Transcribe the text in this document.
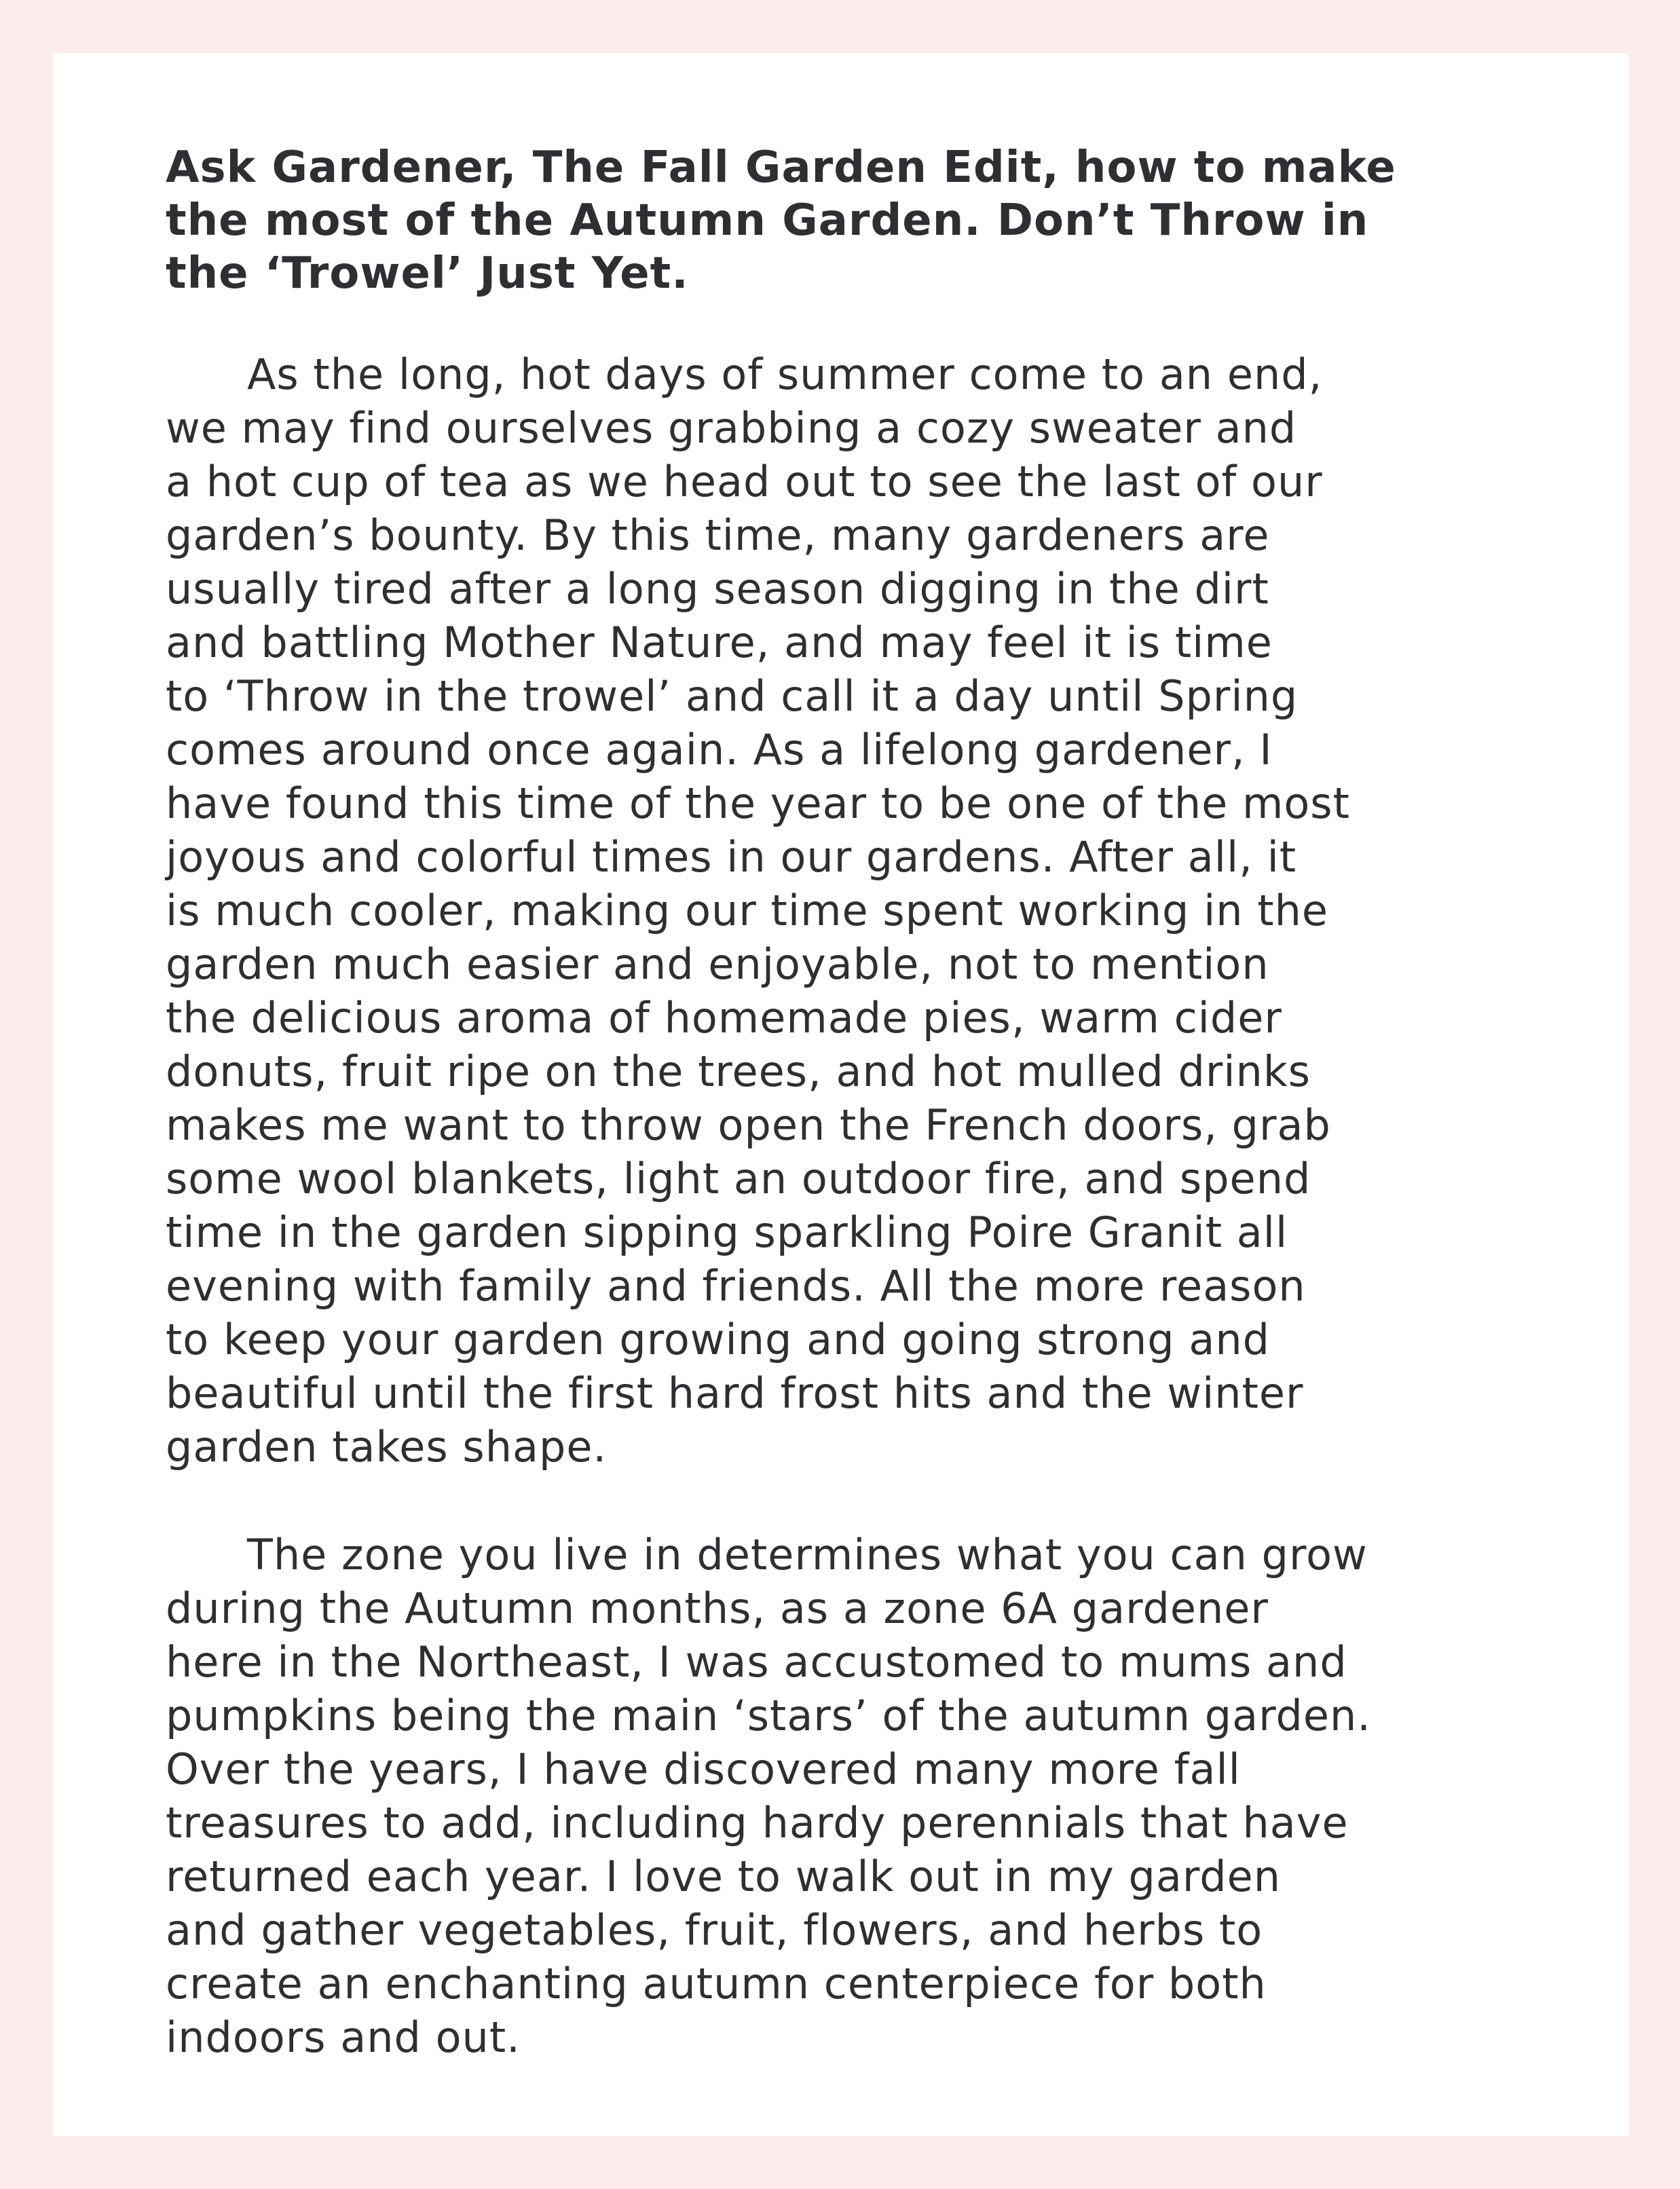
Ask Gardener, The Fall Garden Edit, how to make
the most of the Autumn Garden. Don’t Throw in
the ‘Trowel’ Just Yet.

As the long, hot days of summer come to an end,
we may find ourselves grabbing a cozy sweater and
a hot cup of tea as we head out to see the last of our
garden’s bounty. By this time, many gardeners are
usually tired after a long season digging in the dirt
and battling Mother Nature, and may feel it is time
to ‘Throw in the trowel’ and call it a day until Spring
comes around once again. As a lifelong gardener, I
have found this time of the year to be one of the most
joyous and colorful times in our gardens. After all, it
is much cooler, making our time spent working in the
garden much easier and enjoyable, not to mention
the delicious aroma of homemade pies, warm cider
donuts, fruit ripe on the trees, and hot mulled drinks
makes me want to throw open the French doors, grab
some wool blankets, light an outdoor fire, and spend
time in the garden sipping sparkling Poire Granit all
evening with family and friends. All the more reason
to keep your garden growing and going strong and
beautiful until the first hard frost hits and the winter
garden takes shape.

The zone you live in determines what you can grow
during the Autumn months, as a zone 6A gardener
here in the Northeast, I was accustomed to mums and
pumpkins being the main ‘stars’ of the autumn garden.
Over the years, I have discovered many more fall
treasures to add, including hardy perennials that have
returned each year. I love to walk out in my garden
and gather vegetables, fruit, flowers, and herbs to
create an enchanting autumn centerpiece for both
indoors and out.
